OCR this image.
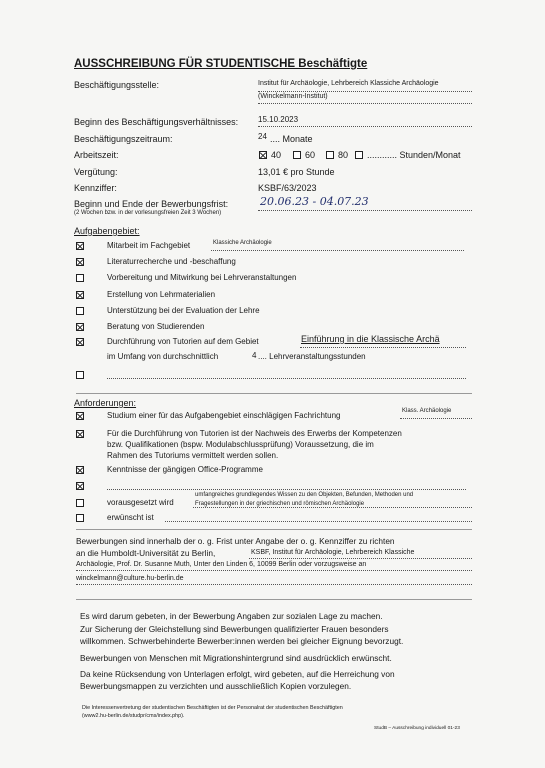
AUSSCHREIBUNG FÜR STUDENTISCHE Beschäftigte
Beschäftigungsstelle:	Institut für Archäologie, Lehrbereich Klassiche Archäologie
(Winckelmann-Institut)
Beginn des Beschäftigungsverhältnisses: 15.10.2023
Beschäftigungszeitraum:	24 .... Monate
Arbeitszeit:	40	60	80 ............ Stunden/Monat
Vergütung:	13,01 € pro Stunde
Kennziffer:	KSBF/63/2023
Beginn und Ende der Bewerbungsfrist:
(2 Wochen bzw. in der vorlesungsfreien Zeit 3 Wochen)
20.06.23 - 04.07.23
Aufgabengebiet:
Mitarbeit im Fachgebiet	Klassiche Archäologie
Literaturrecherche und -beschaffung
Vorbereitung und Mitwirkung bei Lehrveranstaltungen
Erstellung von Lehrmaterialien
Unterstützung bei der Evaluation der Lehre
Beratung von Studierenden
Durchführung von Tutorien auf dem Gebiet	Einführung in die Klassische Archä
im Umfang von durchschnittlich	4 .... Lehrveranstaltungsstunden
Anforderungen:
Studium einer für das Aufgabengebiet einschlägigen Fachrichtung	Klass. Archäologie
Für die Durchführung von Tutorien ist der Nachweis des Erwerbs der Kompetenzen
bzw. Qualifikationen (bspw. Modulabschlussprüfung) Voraussetzung, die im
Rahmen des Tutoriums vermittelt werden sollen.
Kenntnisse der gängigen Office-Programme
vorausgesetzt wird
umfangreiches grundlegendes Wissen zu den Objekten, Befunden, Methoden und
Fragestellungen in der griechischen und römischen Archäologie
erwünscht ist
Bewerbungen sind innerhalb der o. g. Frist unter Angabe der o. g. Kennziffer zu richten
an die Humboldt-Universität zu Berlin,	KSBF, Institut für Archäologie, Lehrbereich Klassiche
Archäologie, Prof. Dr. Susanne Muth, Unter den Linden 6, 10099 Berlin oder vorzugsweise an
winckelmann@culture.hu-berlin.de
Es wird darum gebeten, in der Bewerbung Angaben zur sozialen Lage zu machen.
Zur Sicherung der Gleichstellung sind Bewerbungen qualifizierter Frauen besonders
willkommen. Schwerbehinderte Bewerber:innen werden bei gleicher Eignung bevorzugt.
Bewerbungen von Menschen mit Migrationshintergrund sind ausdrücklich erwünscht.
Da keine Rücksendung von Unterlagen erfolgt, wird gebeten, auf die Herreichung von
Bewerbungsmappen zu verzichten und ausschließlich Kopien vorzulegen.
Die Interessenvertretung der studentischen Beschäftigten ist der Personalrat der studentischen Beschäftigten
(www2.hu-berlin.de/studpr/cms/index.php).
StudB – Ausschreibung individuell 01-23
